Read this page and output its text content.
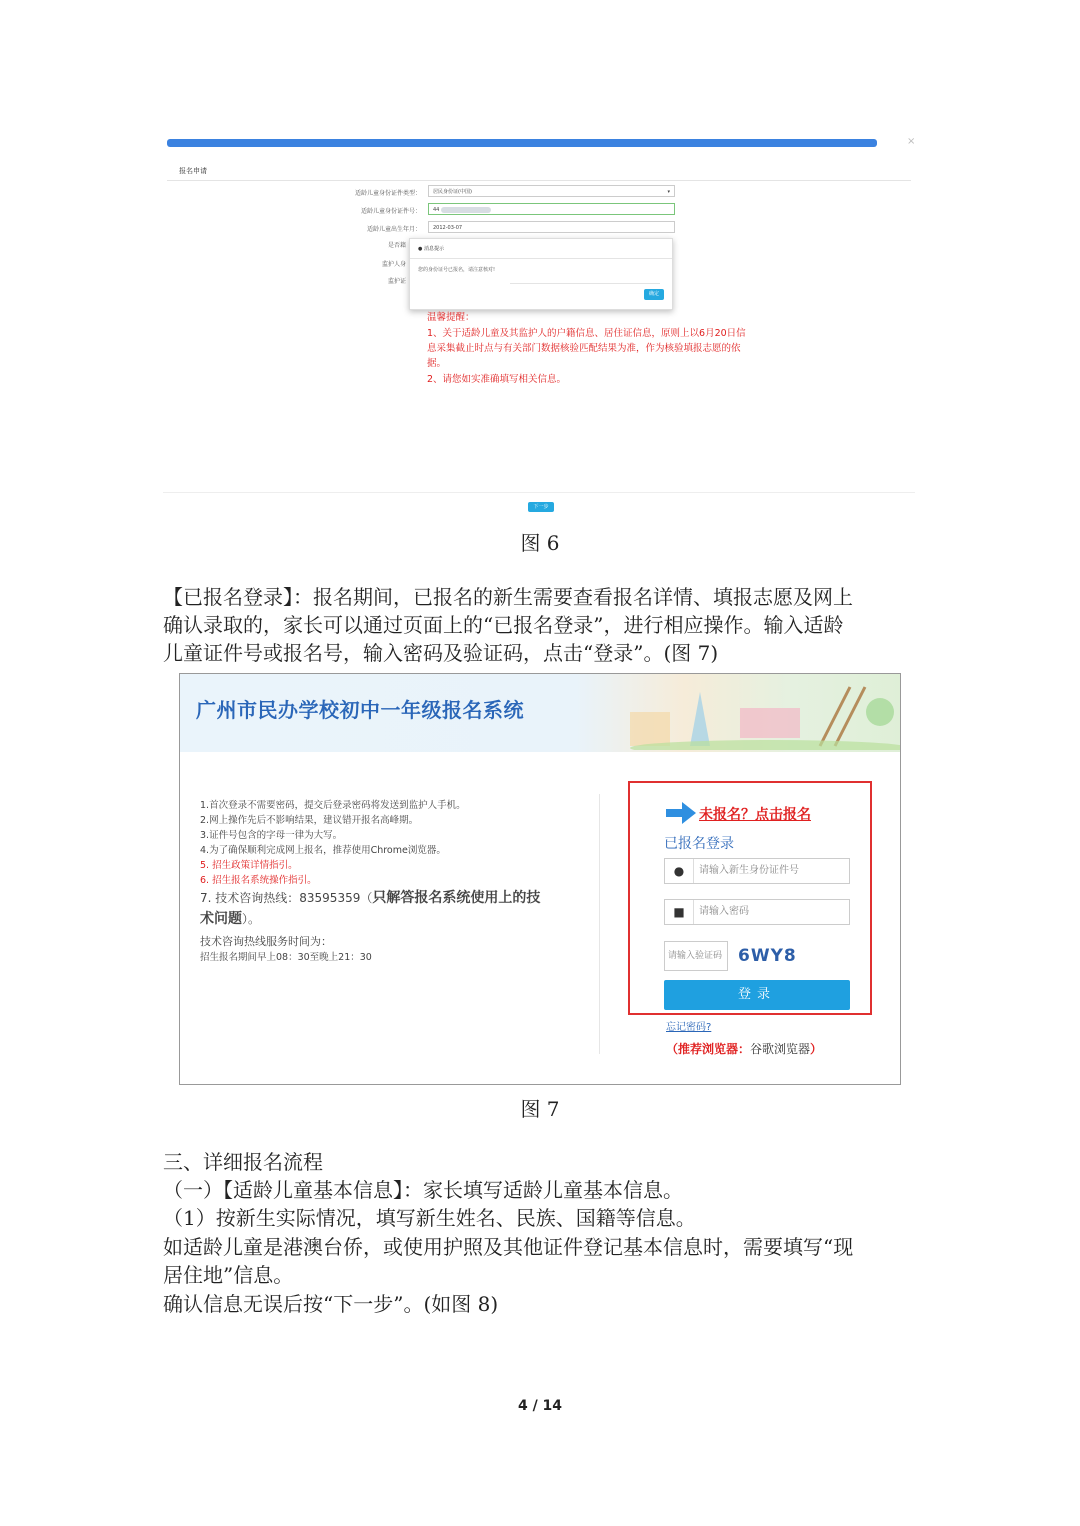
×
报名申请
适龄儿童身份证件类型：	居民身份证(中国)	▾
适龄儿童身份证件号：	44
适龄儿童出生年月：	2012-03-07
是否籍
监护人身
监护证
● 消息提示
您的身份证号已报名，请注意核对!
确定
温馨提醒：
1、关于适龄儿童及其监护人的户籍信息、居住证信息，原则上以6月20日信
息采集截止时点与有关部门数据核验匹配结果为准，作为核验填报志愿的依
据。
2、请您如实准确填写相关信息。
下一步
图 6
【已报名登录】：报名期间，已报名的新生需要查看报名详情、填报志愿及网上
确认录取的，家长可以通过页面上的“已报名登录”，进行相应操作。输入适龄
儿童证件号或报名号，输入密码及验证码，点击“登录”。(图 7)
广州市民办学校初中一年级报名系统
1.首次登录不需要密码，提交后登录密码将发送到监护人手机。
2.网上操作先后不影响结果，建议错开报名高峰期。
3.证件号包含的字母一律为大写。
4.为了确保顺利完成网上报名，推荐使用Chrome浏览器。
5. 招生政策详情指引。
6. 招生报名系统操作指引。
7. 技术咨询热线：83595359（只解答报名系统使用上的技
术问题）。
技术咨询热线服务时间为：
招生报名期间早上08：30至晚上21：30
未报名？点击报名
已报名登录
●	请输入新生身份证件号
■	请输入密码
请输入验证码 6WY8
登录
忘记密码?
（推荐浏览器：谷歌浏览器）
图 7
三、详细报名流程
（一）【适龄儿童基本信息】：家长填写适龄儿童基本信息。
（1）按新生实际情况，填写新生姓名、民族、国籍等信息。
如适龄儿童是港澳台侨，或使用护照及其他证件登记基本信息时，需要填写“现
居住地”信息。
确认信息无误后按“下一步”。(如图 8)
4 / 14
